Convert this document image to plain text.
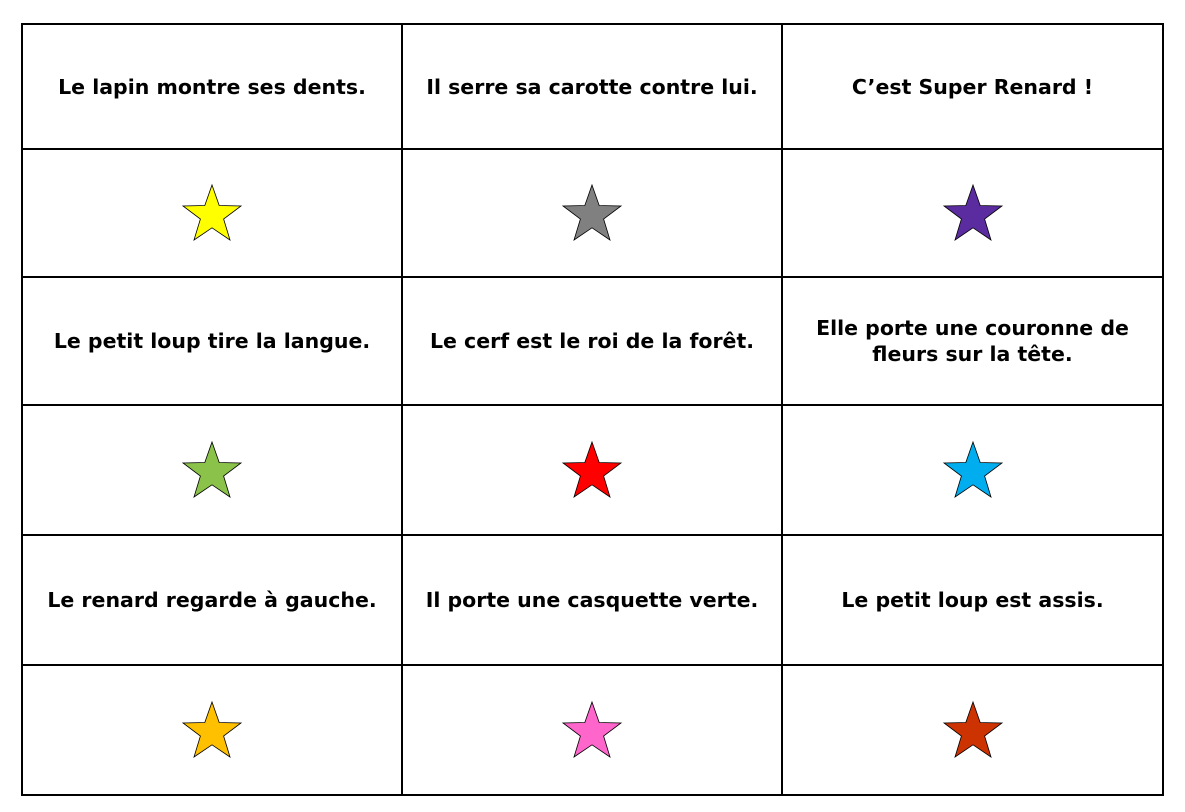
Le lapin montre ses dents.	Il serre sa carotte contre lui.	C’est Super Renard !

Le petit loup tire la langue.	Le cerf est le roi de la forêt.	Elle porte une couronne de fleurs sur la tête.

Le renard regarde à gauche.	Il porte une casquette verte.	Le petit loup est assis.
